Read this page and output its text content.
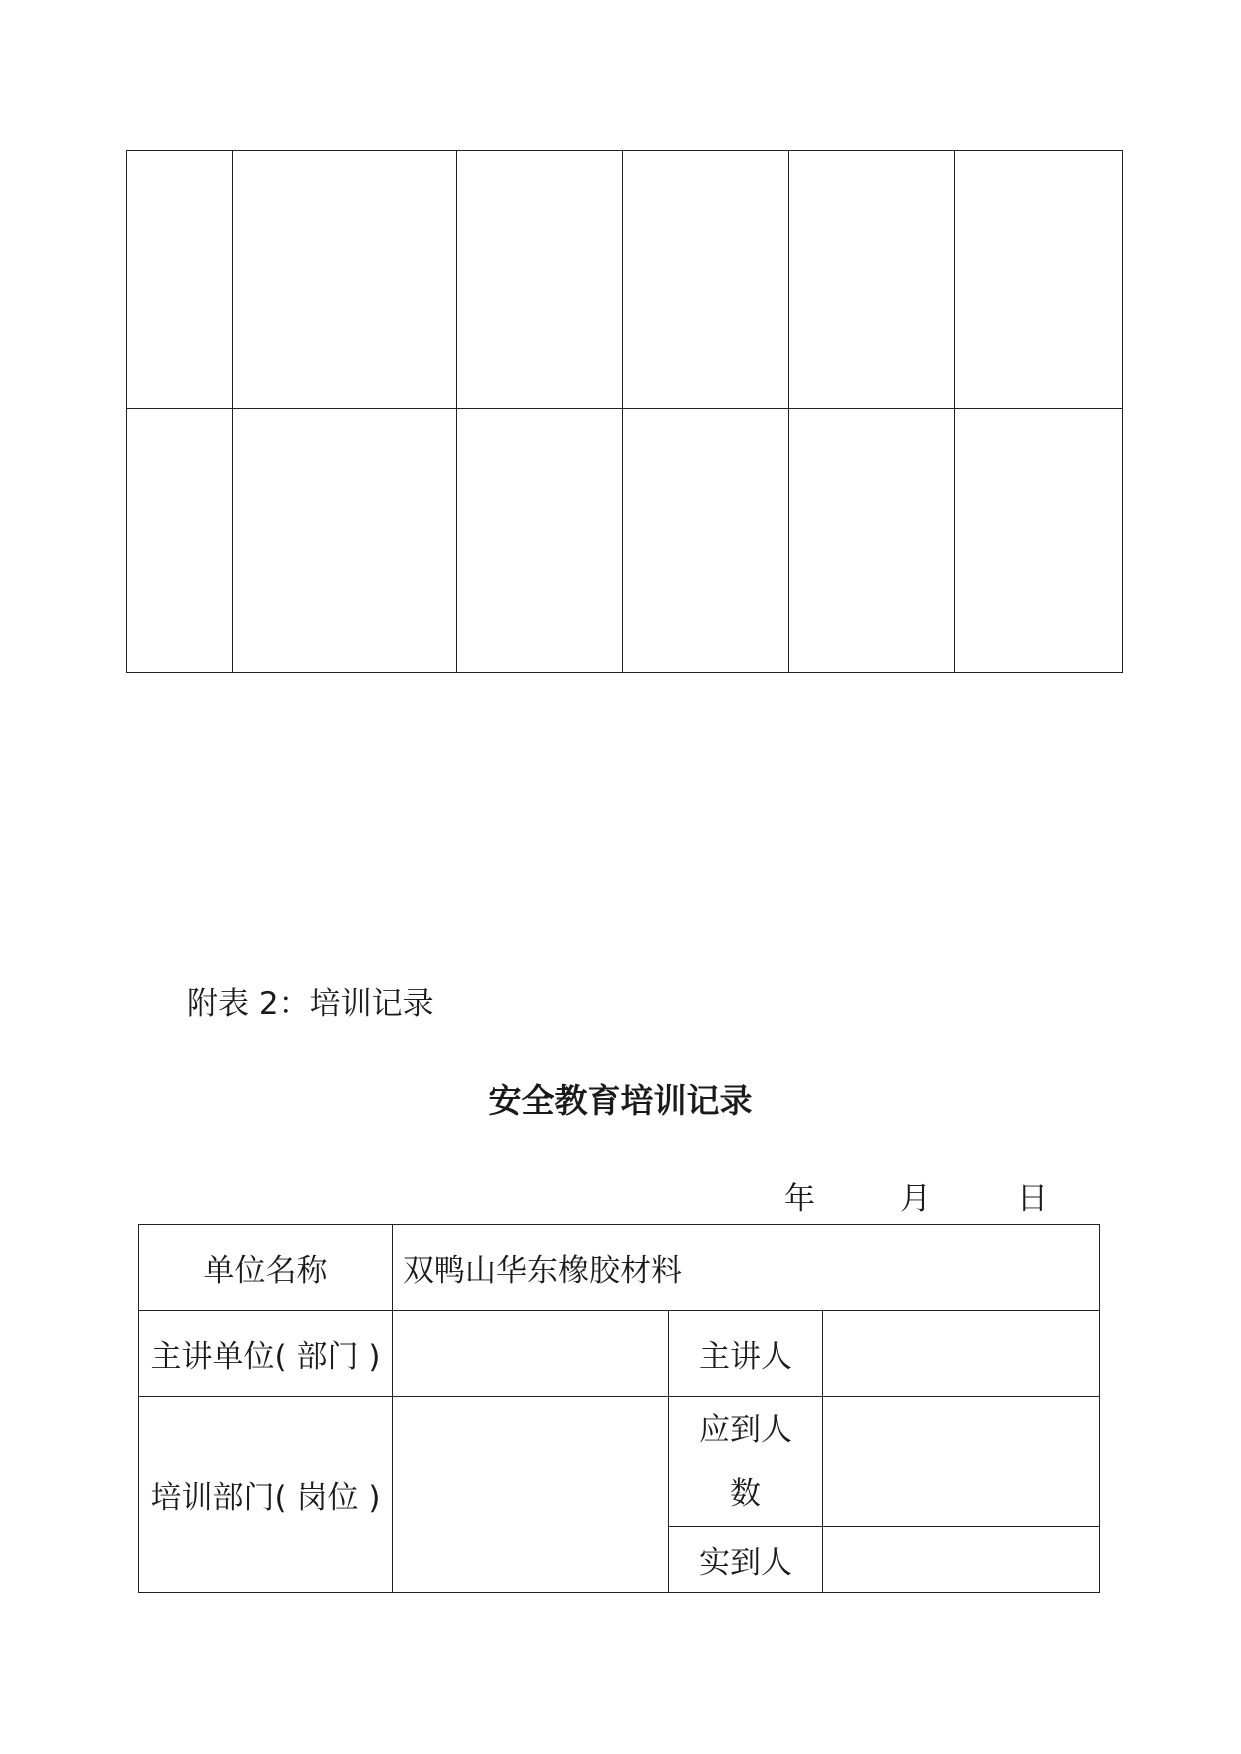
附表 2：培训记录
安全教育培训记录
年	月	日
单位名称	双鸭山华东橡胶材料		
主讲单位( 部门 )		主讲人	
培训部门( 岗位 )		应到人
数	

		实到人	
